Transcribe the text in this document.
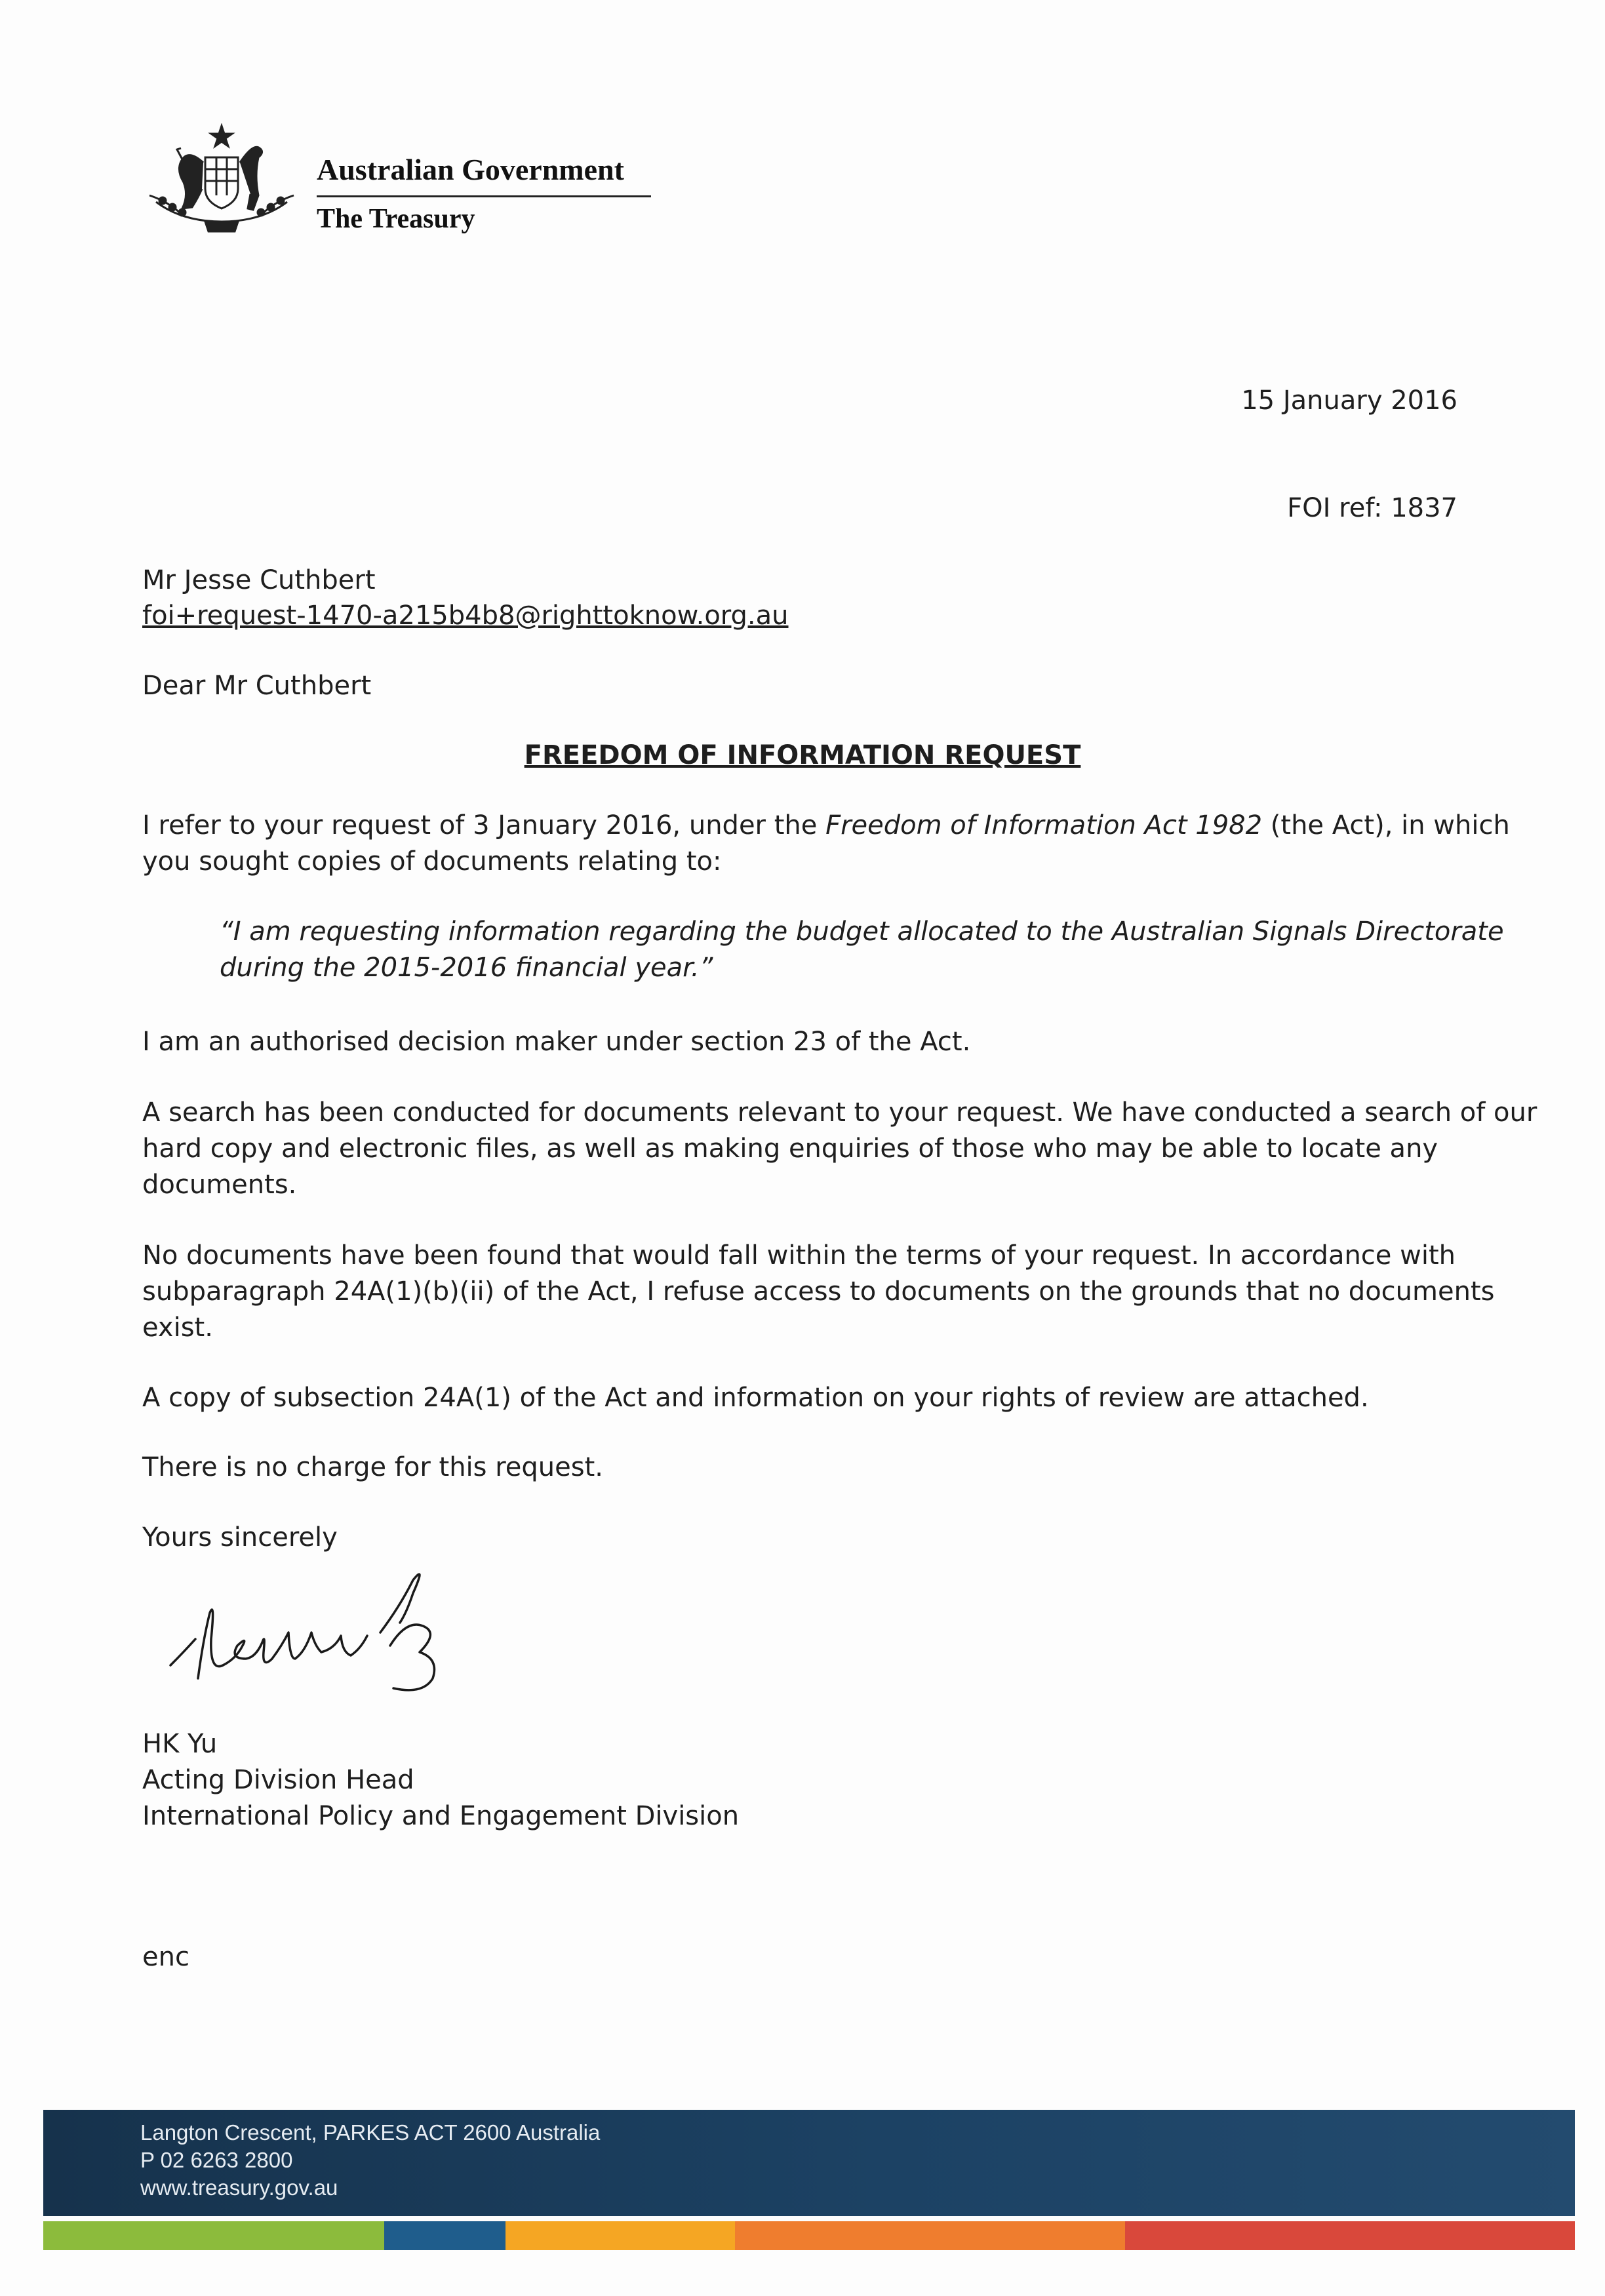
Australian Government
The Treasury
15 January 2016
FOI ref: 1837
Mr Jesse Cuthbert
foi+request-1470-a215b4b8@righttoknow.org.au
Dear Mr Cuthbert
FREEDOM OF INFORMATION REQUEST
I refer to your request of 3 January 2016, under the Freedom of Information Act 1982 (the Act), in which
you sought copies of documents relating to:
“I am requesting information regarding the budget allocated to the Australian Signals Directorate
during the 2015-2016 financial year.”
I am an authorised decision maker under section 23 of the Act.
A search has been conducted for documents relevant to your request. We have conducted a search of our
hard copy and electronic files, as well as making enquiries of those who may be able to locate any
documents.
No documents have been found that would fall within the terms of your request. In accordance with
subparagraph 24A(1)(b)(ii) of the Act, I refuse access to documents on the grounds that no documents
exist.
A copy of subsection 24A(1) of the Act and information on your rights of review are attached.
There is no charge for this request.
Yours sincerely
HK Yu
Acting Division Head
International Policy and Engagement Division
enc
Langton Crescent, PARKES ACT 2600 Australia
P 02 6263 2800
www.treasury.gov.au
